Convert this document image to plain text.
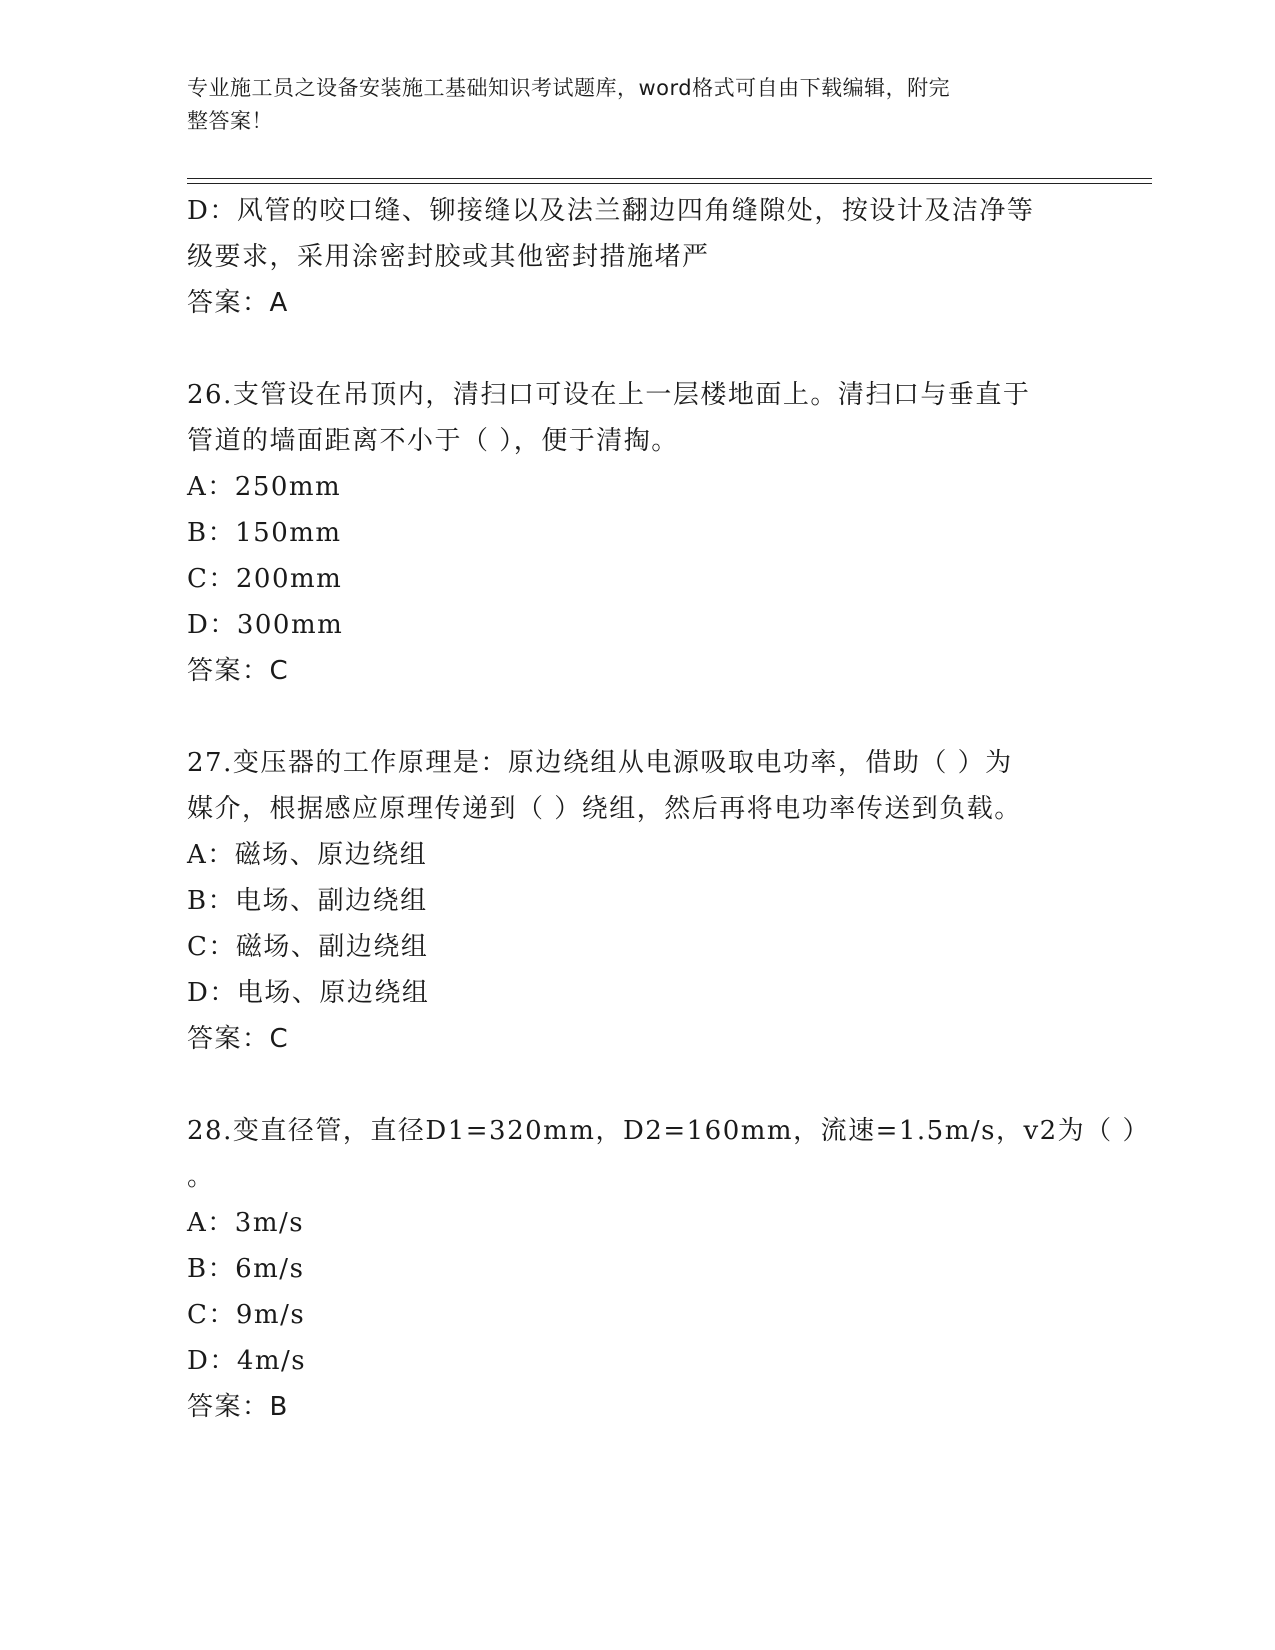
专业施工员之设备安装施工基础知识考试题库，word格式可自由下载编辑，附完
整答案！
D：风管的咬口缝、铆接缝以及法兰翻边四角缝隙处，按设计及洁净等
级要求，采用涂密封胶或其他密封措施堵严
答案：A
26.支管设在吊顶内，清扫口可设在上一层楼地面上。清扫口与垂直于
管道的墙面距离不小于（ ），便于清掏。
A：250mm
B：150mm
C：200mm
D：300mm
答案：C
27.变压器的工作原理是：原边绕组从电源吸取电功率，借助（ ）为
媒介，根据感应原理传递到（ ）绕组，然后再将电功率传送到负载。
A：磁场、原边绕组
B：电场、副边绕组
C：磁场、副边绕组
D：电场、原边绕组
答案：C
28.变直径管，直径D1=320mm，D2=160mm，流速=1.5m/s，v2为（ ）
。
A：3m/s
B：6m/s
C：9m/s
D：4m/s
答案：B
